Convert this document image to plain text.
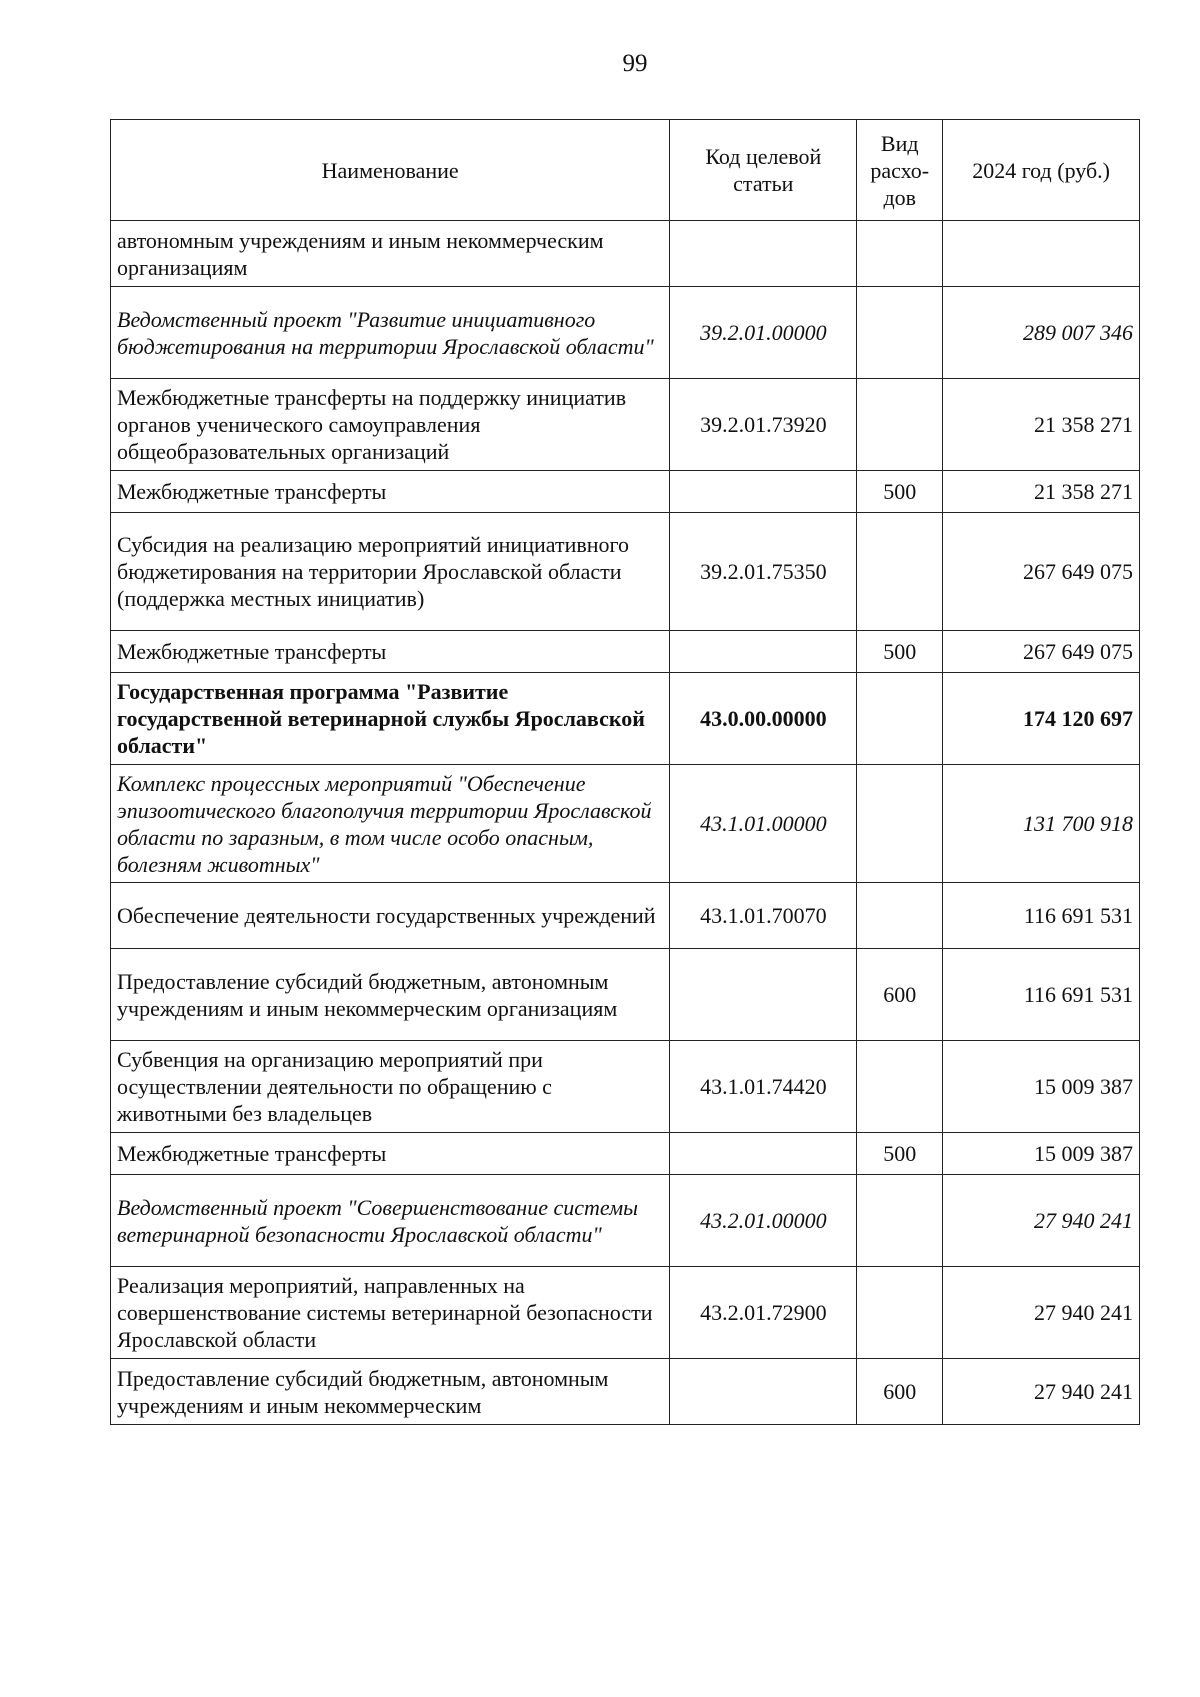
99
Наименование	Код целевой статьи	Вид расхо-дов	2024 год (руб.)
автономным учреждениям и иным некоммерческим организациям			
Ведомственный проект "Развитие инициативного бюджетирования на территории Ярославской области"	39.2.01.00000		289 007 346
Межбюджетные трансферты на поддержку инициатив органов ученического самоуправления общеобразовательных организаций	39.2.01.73920		21 358 271
Межбюджетные трансферты		500	21 358 271
Субсидия на реализацию мероприятий инициативного бюджетирования на территории Ярославской области (поддержка местных инициатив)	39.2.01.75350		267 649 075
Межбюджетные трансферты		500	267 649 075
Государственная программа "Развитие государственной ветеринарной службы Ярославской области"	43.0.00.00000		174 120 697
Комплекс процессных мероприятий "Обеспечение эпизоотического благополучия территории Ярославской области по заразным, в том числе особо опасным, болезням животных"	43.1.01.00000		131 700 918
Обеспечение деятельности государственных учреждений	43.1.01.70070		116 691 531
Предоставление субсидий бюджетным, автономным учреждениям и иным некоммерческим организациям		600	116 691 531
Субвенция на организацию мероприятий при осуществлении деятельности по обращению с животными без владельцев	43.1.01.74420		15 009 387
Межбюджетные трансферты		500	15 009 387
Ведомственный проект "Совершенствование системы ветеринарной безопасности Ярославской области"	43.2.01.00000		27 940 241
Реализация мероприятий, направленных на совершенствование системы ветеринарной безопасности Ярославской области	43.2.01.72900		27 940 241
Предоставление субсидий бюджетным, автономным учреждениям и иным некоммерческим		600	27 940 241
